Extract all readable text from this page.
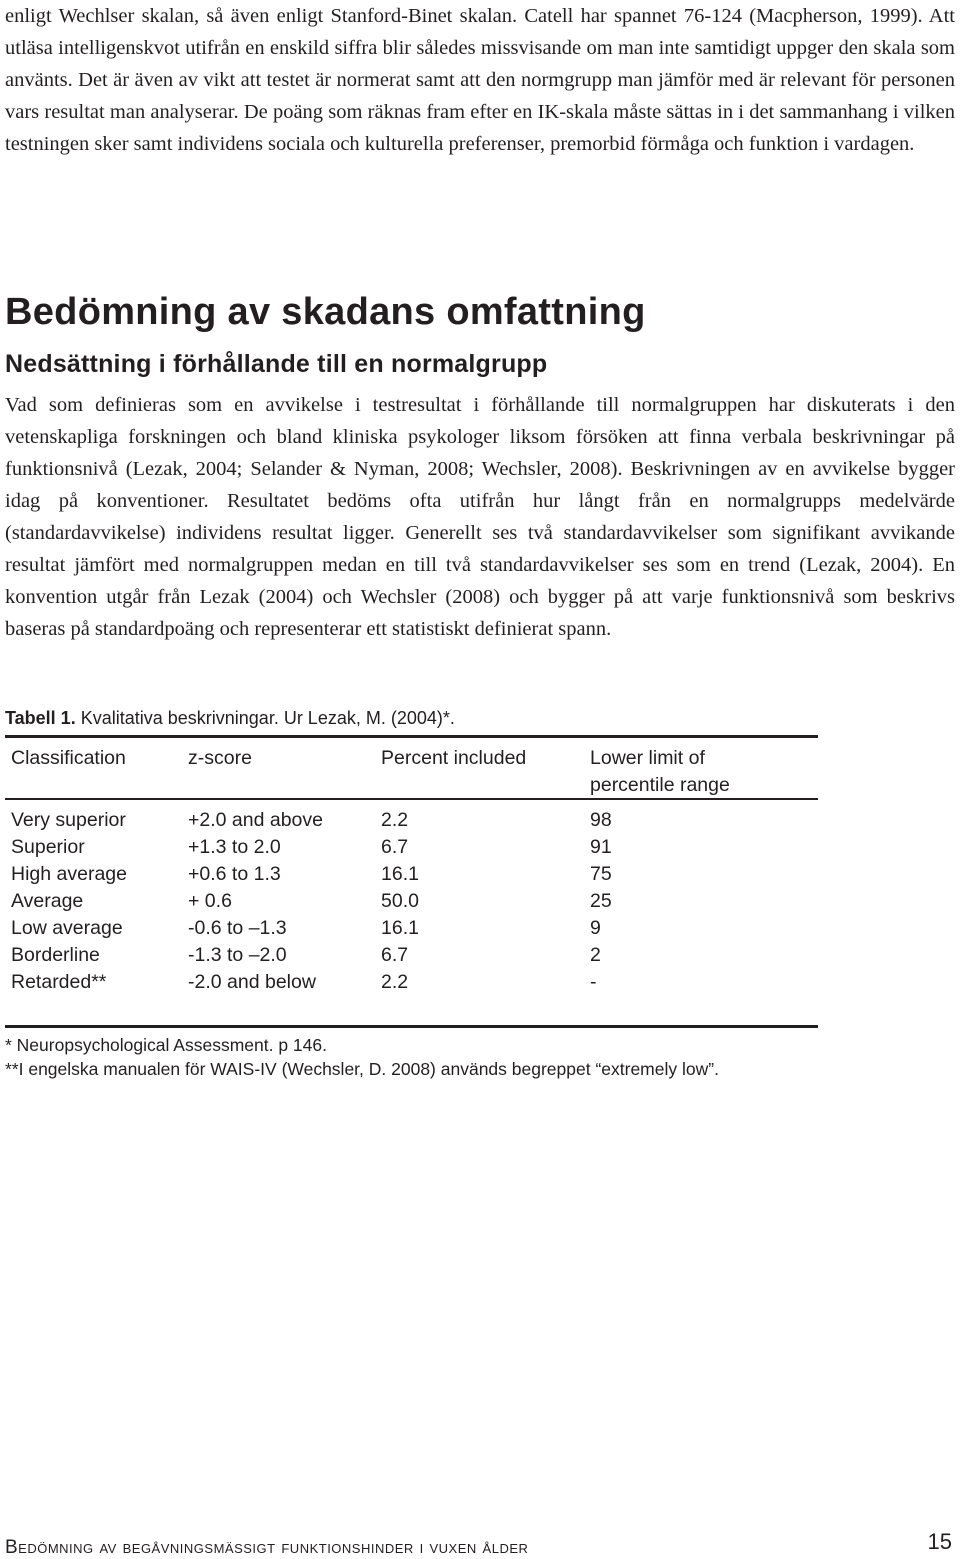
enligt Wechlser skalan, så även enligt Stanford-Binet skalan. Catell har spannet 76-124 (Macpherson, 1999). Att utläsa intelligenskvot utifrån en enskild siffra blir således missvisande om man inte samtidigt uppger den skala som använts. Det är även av vikt att testet är normerat samt att den normgrupp man jämför med är relevant för personen vars resultat man analyserar. De poäng som räknas fram efter en IK-skala måste sättas in i det sammanhang i vilken testningen sker samt individens sociala och kulturella preferenser, premorbid förmåga och funktion i vardagen.

Bedömning av skadans omfattning
Nedsättning i förhållande till en normalgrupp

Vad som definieras som en avvikelse i testresultat i förhållande till normalgruppen har diskuterats i den vetenskapliga forskningen och bland kliniska psykologer liksom försöken att finna verbala beskrivningar på funktionsnivå (Lezak, 2004; Selander & Nyman, 2008; Wechsler, 2008). Beskrivningen av en avvikelse bygger idag på konventioner. Resultatet bedöms ofta utifrån hur långt från en normalgrupps medelvärde (standardavvikelse) individens resultat ligger. Generellt ses två standardavvikelser som signifikant avvikande resultat jämfört med normalgruppen medan en till två standardavvikelser ses som en trend (Lezak, 2004). En konvention utgår från Lezak (2004) och Wechsler (2008) och bygger på att varje funktionsnivå som beskrivs baseras på standardpoäng och representerar ett statistiskt definierat spann.

Tabell 1. Kvalitativa beskrivningar. Ur Lezak, M. (2004)*.

Classification	z-score	Percent included	Lower limit of
percentile range
Very superior	+2.0 and above	2.2	98
Superior	+1.3 to 2.0	6.7	91
High average	+0.6 to 1.3	16.1	75
Average	+ 0.6	50.0	25
Low average	-0.6 to –1.3	16.1	9
Borderline	-1.3 to –2.0	6.7	2
Retarded**	-2.0 and below	2.2	-

* Neuropsychological Assessment. p 146.

**I engelska manualen för WAIS-IV (Wechsler, D. 2008) används begreppet “extremely low”.

Bedömning av begåvningsmässigt funktionshinder i vuxen ålder	15
